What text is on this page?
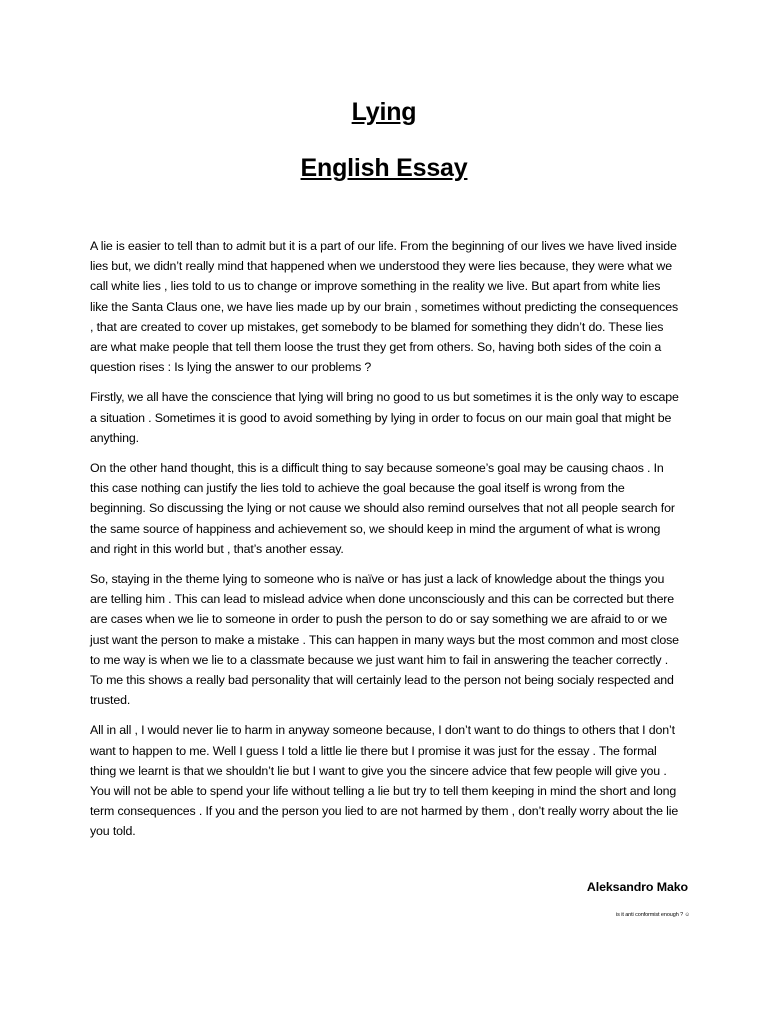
Lying
English Essay

A lie is easier to tell than to admit but it is a part of our life. From the beginning of our lives we have lived inside lies but, we didn’t really mind that happened when we understood they were lies because, they were what we call white lies , lies told to us to change or improve something in the reality we live. But apart from white lies like the Santa Claus one, we have lies made up by our brain , sometimes without predicting the consequences , that are created to cover up mistakes, get somebody to be blamed for something they didn’t do. These lies are what make people that tell them loose the trust they get from others. So, having both sides of the coin a question rises : Is lying the answer to our problems ?

Firstly, we all have the conscience that lying will bring no good to us but sometimes it is the only way to escape a situation . Sometimes it is good to avoid something by lying in order to focus on our main goal that might be anything.

On the other hand thought, this is a difficult thing to say because someone’s goal may be causing chaos . In this case nothing can justify the lies told to achieve the goal because the goal itself is wrong from the beginning. So discussing the lying or not cause we should also remind ourselves that not all people search for the same source of happiness and achievement so, we should keep in mind the argument of what is wrong and right in this world but , that’s another essay.

So, staying in the theme lying to someone who is naïve or has just a lack of knowledge about the things you are telling him . This can lead to mislead advice when done unconsciously and this can be corrected but there are cases when we lie to someone in order to push the person to do or say something we are afraid to or we just want the person to make a mistake . This can happen in many ways but the most common and most close to me way is when we lie to a classmate because we just want him to fail in answering the teacher correctly . To me this shows a really bad personality that will certainly lead to the person not being socialy respected and trusted.

All in all , I would never lie to harm in anyway someone because, I don’t want to do things to others that I don’t want to happen to me. Well I guess I told a little lie there but I promise it was just for the essay . The formal thing we learnt is that we shouldn’t lie but I want to give you the sincere advice that few people will give you . You will not be able to spend your life without telling a lie but try to tell them keeping in mind the short and long term consequences . If you and the person you lied to are not harmed by them , don’t really worry about the lie you told.

Aleksandro Mako
is it anti conformist enough ? ☺
